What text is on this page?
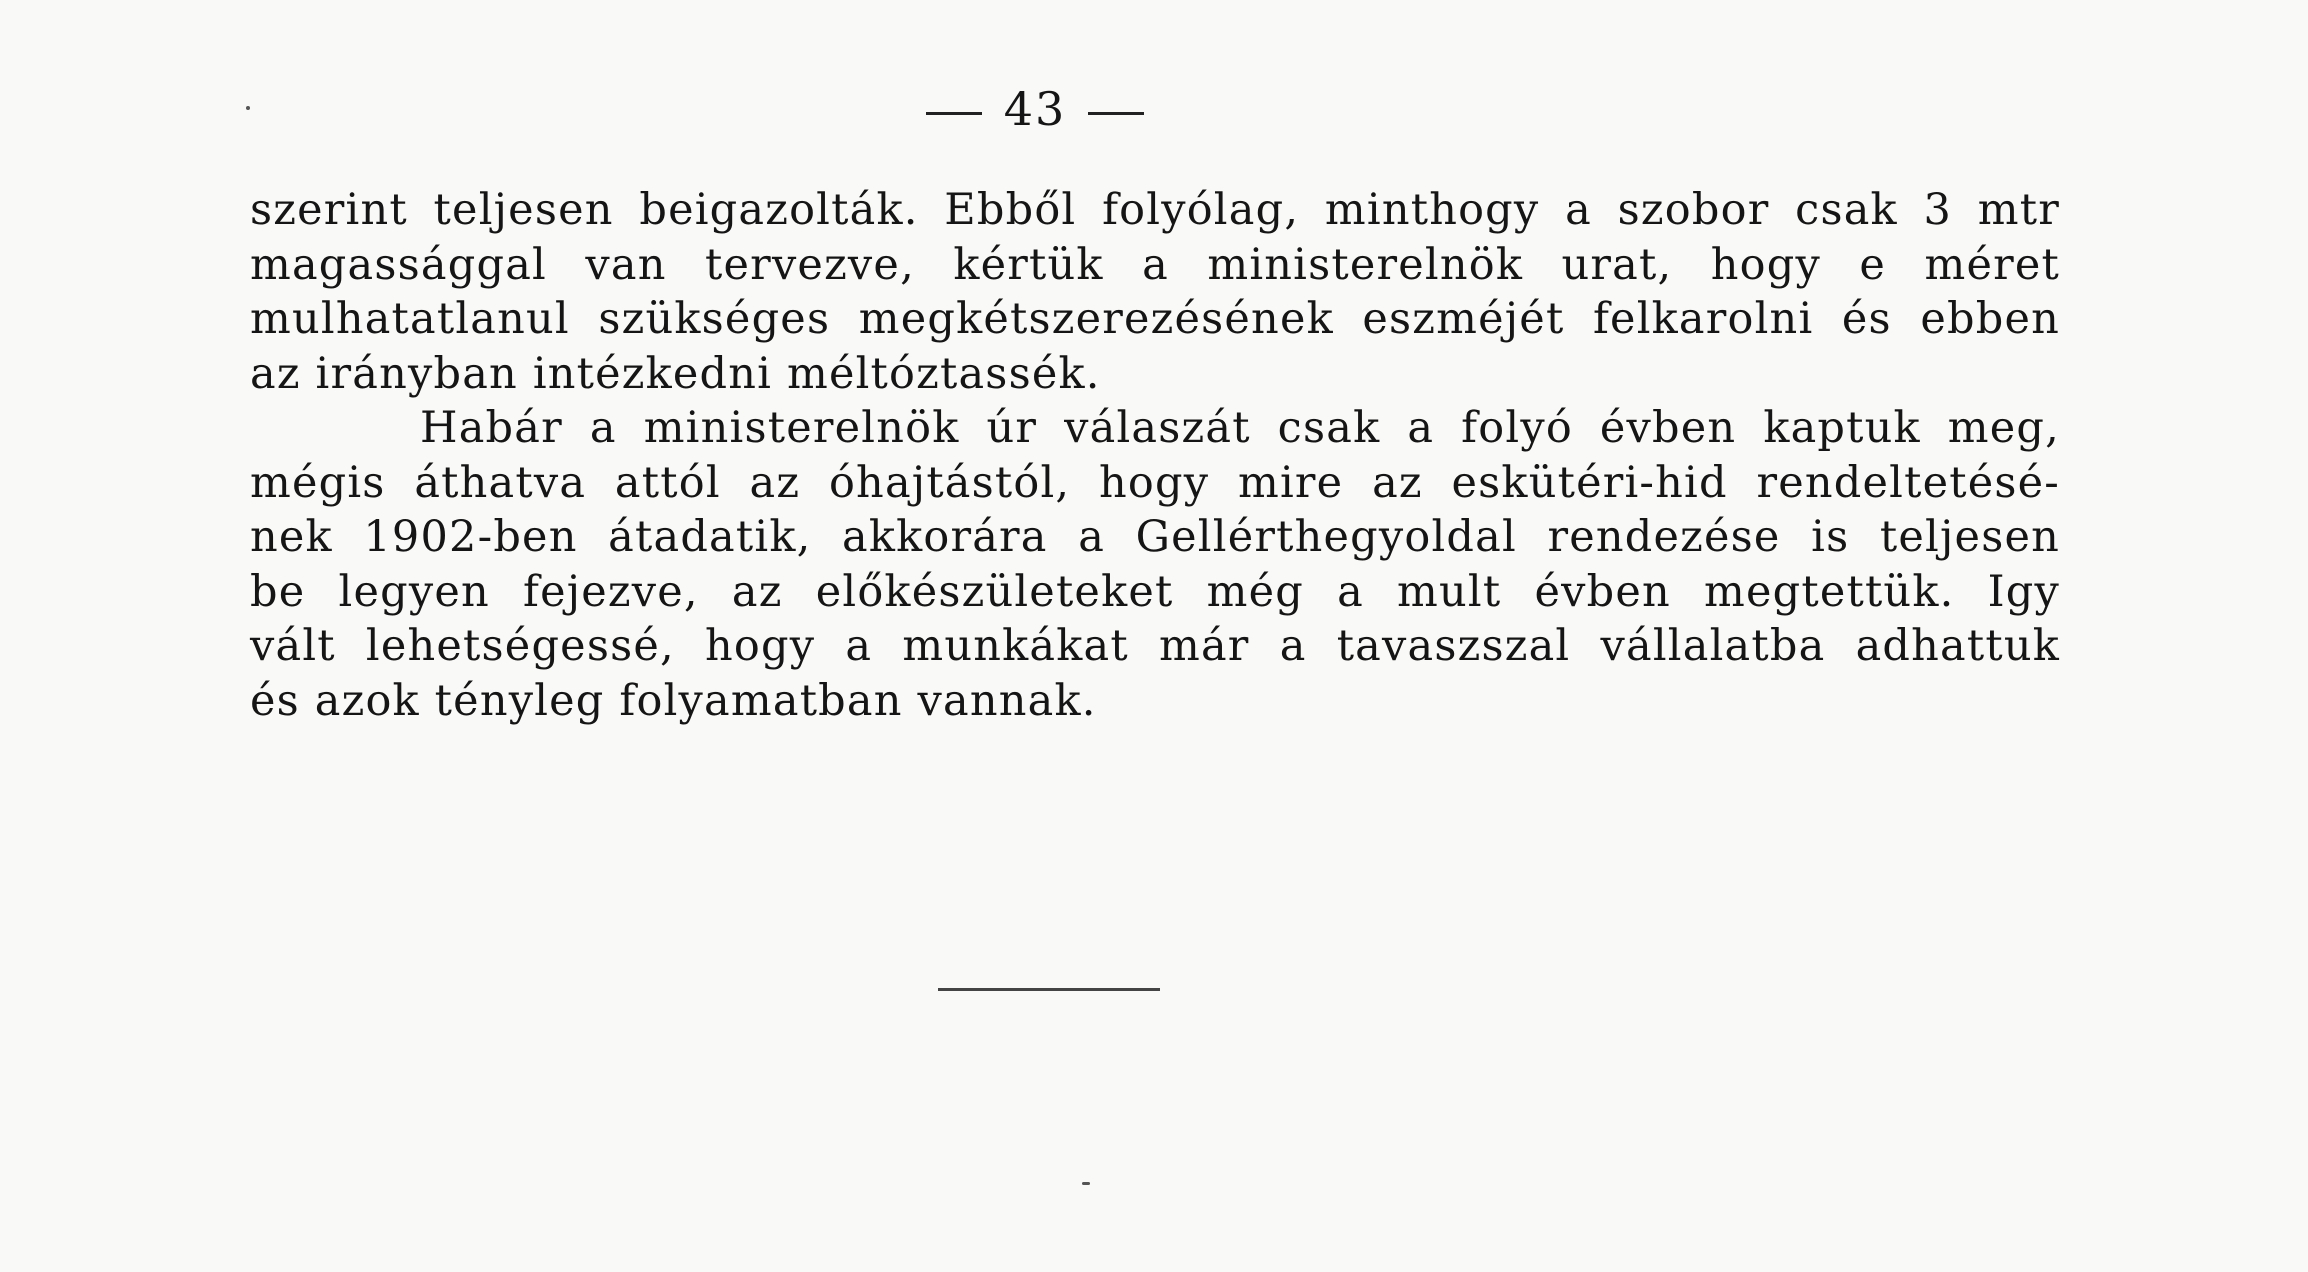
43
szerint teljesen beigazolták. Ebből folyólag, minthogy a szobor csak 3 mtr
magassággal van tervezve, kértük a ministerelnök urat, hogy e méret
mulhatatlanul szükséges megkétszerezésének eszméjét felkarolni és ebben
az irányban intézkedni méltóztassék.
Habár a ministerelnök úr válaszát csak a folyó évben kaptuk meg,
mégis áthatva attól az óhajtástól, hogy mire az eskütéri-hid rendeltetésé-
nek 1902-ben átadatik, akkorára a Gellérthegyoldal rendezése is teljesen
be legyen fejezve, az előkészületeket még a mult évben megtettük. Igy
vált lehetségessé, hogy a munkákat már a tavaszszal vállalatba adhattuk
és azok tényleg folyamatban vannak.
